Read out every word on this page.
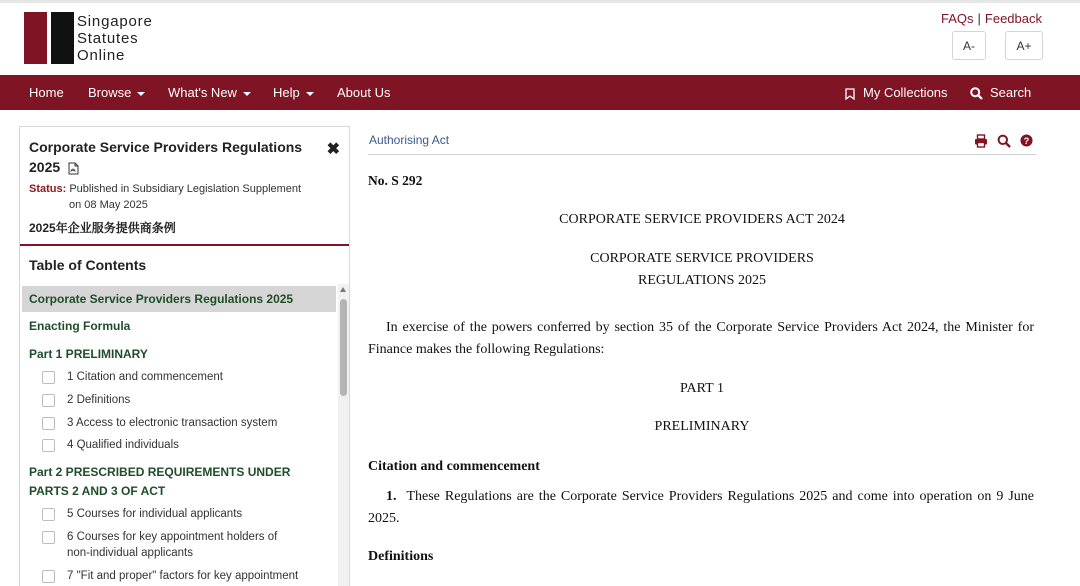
Singapore
Statutes
Online
FAQs | Feedback
A-	A+
Home Browse	What's New	Help	About Us	My Collections	Search
Corporate Service Providers Regulations 2025
✖
Status: Published in Subsidiary Legislation Supplement
on 08 May 2025
2025年企业服务提供商条例
Table of Contents
Corporate Service Providers Regulations 2025
Enacting Formula
Part 1 PRELIMINARY
1 Citation and commencement
2 Definitions
3 Access to electronic transaction system
4 Qualified individuals
Part 2 PRESCRIBED REQUIREMENTS UNDER
PARTS 2 AND 3 OF ACT
5 Courses for individual applicants
6 Courses for key appointment holders of non-individual applicants
7 "Fit and proper" factors for key appointment
Authorising Act	?
No. S 292
CORPORATE SERVICE PROVIDERS ACT 2024
CORPORATE SERVICE PROVIDERS
REGULATIONS 2025
In exercise of the powers conferred by section 35 of the Corporate Service Providers Act 2024, the Minister for Finance makes the following Regulations:
PART 1
PRELIMINARY
Citation and commencement
1. These Regulations are the Corporate Service Providers Regulations 2025 and come into operation on 9 June 2025.
Definitions
